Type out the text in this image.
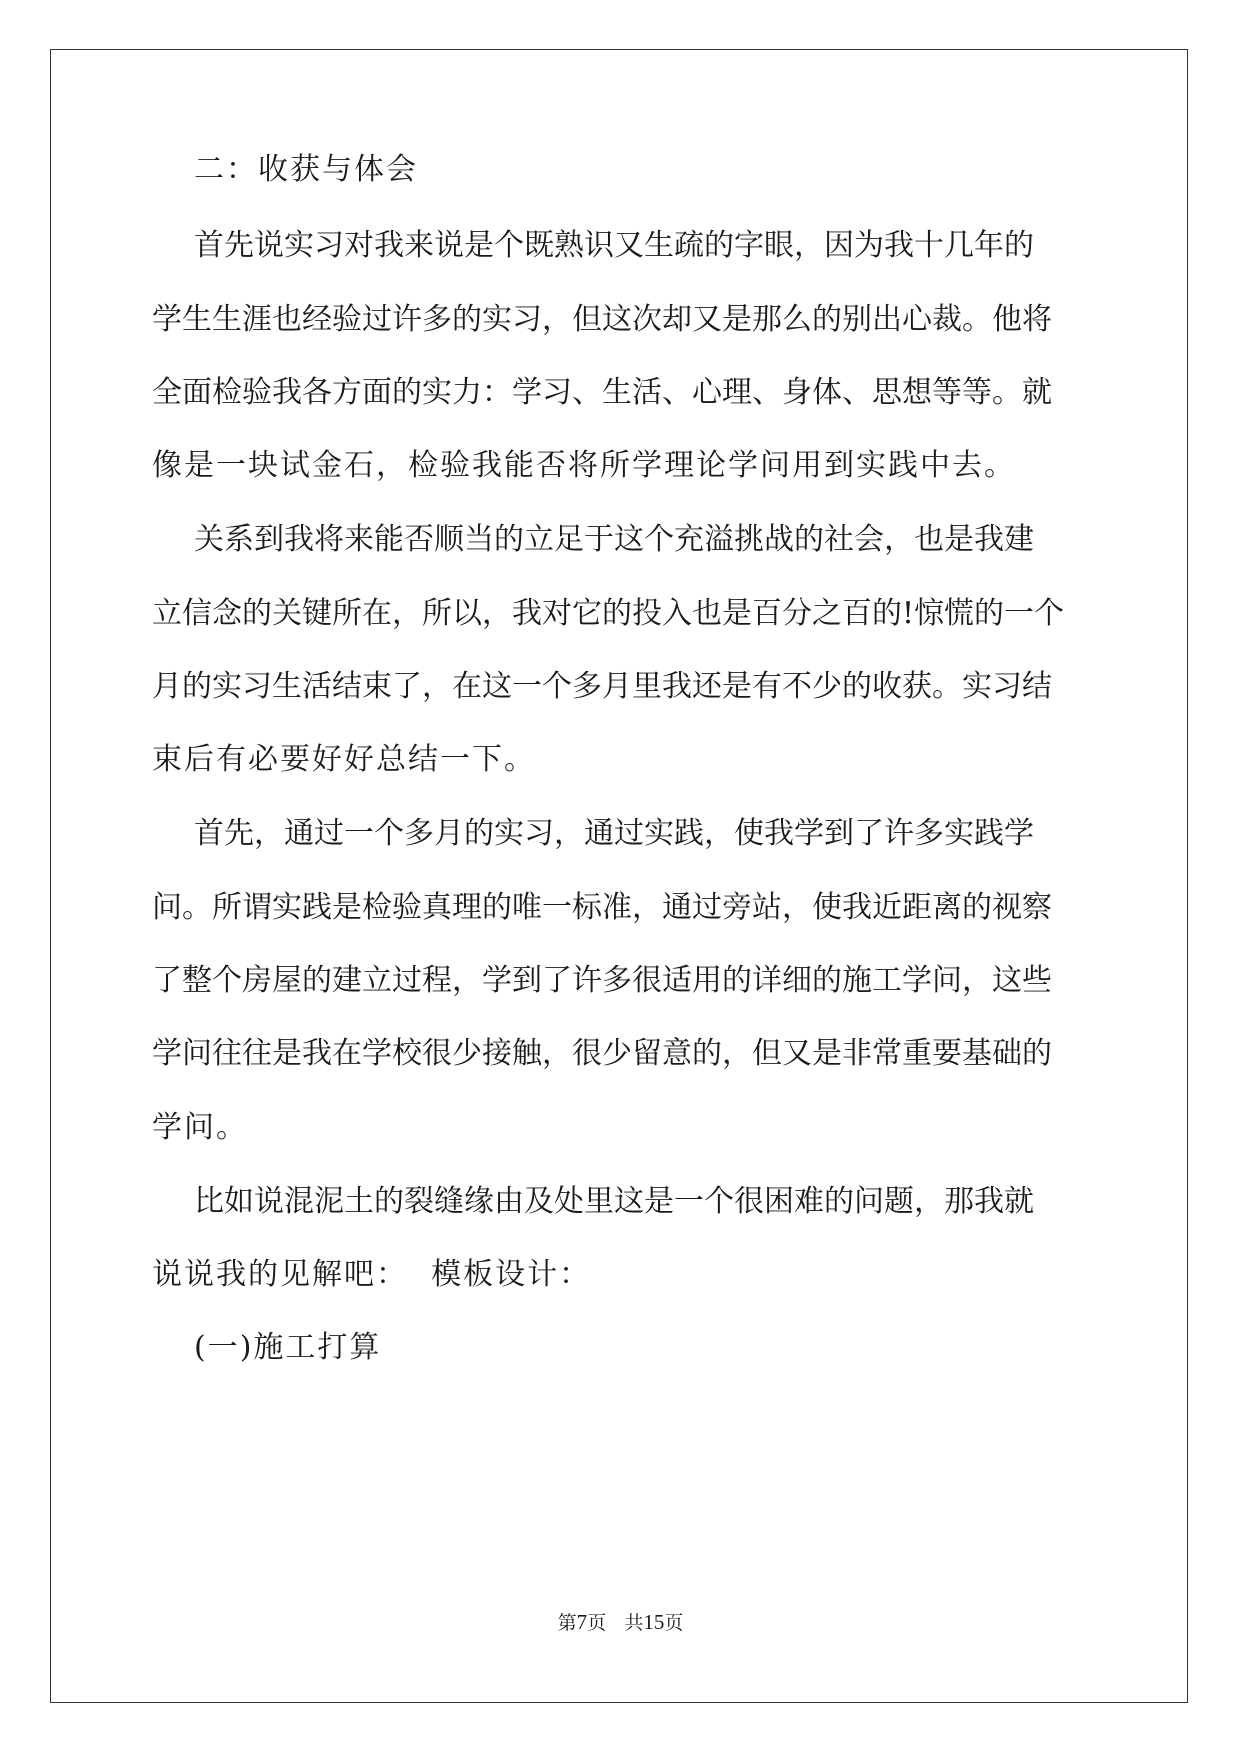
二：收获与体会
首先说实习对我来说是个既熟识又生疏的字眼，因为我十几年的
学生生涯也经验过许多的实习，但这次却又是那么的别出心裁。他将
全面检验我各方面的实力：学习、生活、心理、身体、思想等等。就
像是一块试金石，检验我能否将所学理论学问用到实践中去。
关系到我将来能否顺当的立足于这个充溢挑战的社会，也是我建
立信念的关键所在，所以，我对它的投入也是百分之百的!惊慌的一个
月的实习生活结束了，在这一个多月里我还是有不少的收获。实习结
束后有必要好好总结一下。
首先，通过一个多月的实习，通过实践，使我学到了许多实践学
问。所谓实践是检验真理的唯一标准，通过旁站，使我近距离的视察
了整个房屋的建立过程，学到了许多很适用的详细的施工学问，这些
学问往往是我在学校很少接触，很少留意的，但又是非常重要基础的
学问。
比如说混泥土的裂缝缘由及处里这是一个很困难的问题，那我就
说说我的见解吧：  模板设计：
(一)施工打算
第7页 共15页
